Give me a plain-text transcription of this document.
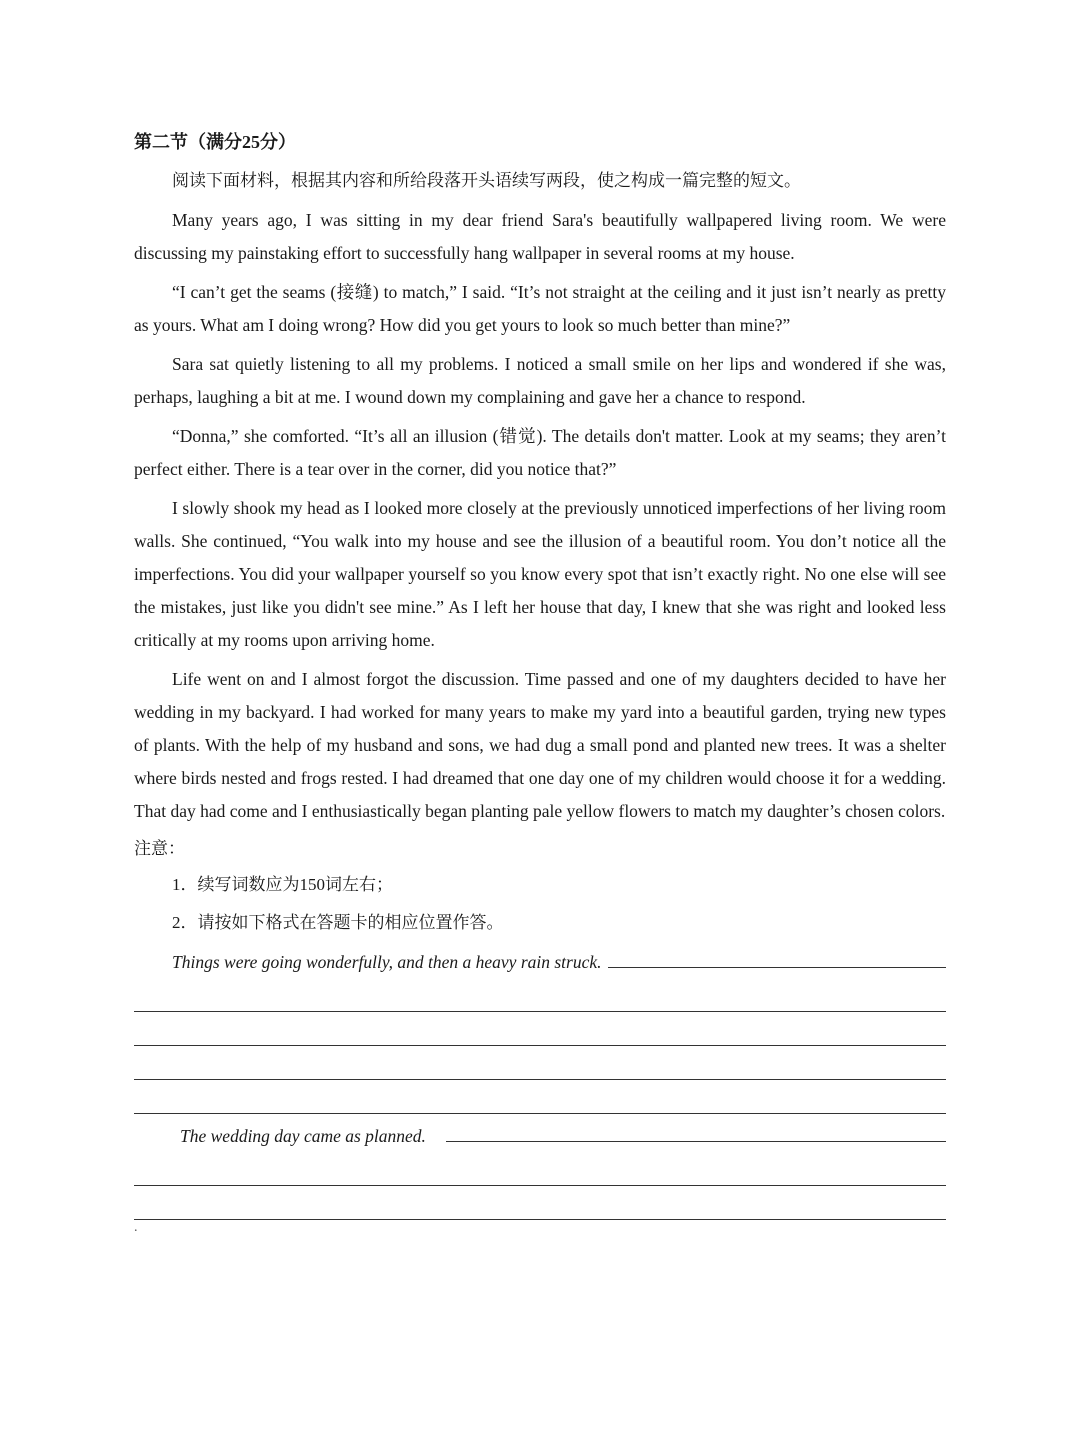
第二节（满分25分）
阅读下面材料，根据其内容和所给段落开头语续写两段，使之构成一篇完整的短文。

Many years ago, I was sitting in my dear friend Sara's beautifully wallpapered living room. We were discussing my painstaking effort to successfully hang wallpaper in several rooms at my house.

“I can’t get the seams (接缝) to match,” I said. “It’s not straight at the ceiling and it just isn’t nearly as pretty as yours. What am I doing wrong? How did you get yours to look so much better than mine?”

Sara sat quietly listening to all my problems. I noticed a small smile on her lips and wondered if she was, perhaps, laughing a bit at me. I wound down my complaining and gave her a chance to respond.

“Donna,” she comforted. “It’s all an illusion (错觉). The details don't matter. Look at my seams; they aren’t perfect either. There is a tear over in the corner, did you notice that?”

I slowly shook my head as I looked more closely at the previously unnoticed imperfections of her living room walls. She continued, “You walk into my house and see the illusion of a beautiful room. You don’t notice all the imperfections. You did your wallpaper yourself so you know every spot that isn’t exactly right. No one else will see the mistakes, just like you didn't see mine.” As I left her house that day, I knew that she was right and looked less critically at my rooms upon arriving home.

Life went on and I almost forgot the discussion. Time passed and one of my daughters decided to have her wedding in my backyard. I had worked for many years to make my yard into a beautiful garden, trying new types of plants. With the help of my husband and sons, we had dug a small pond and planted new trees. It was a shelter where birds nested and frogs rested. I had dreamed that one day one of my children would choose it for a wedding. That day had come and I enthusiastically began planting pale yellow flowers to match my daughter’s chosen colors.

注意：
1．续写词数应为150词左右；
2．请按如下格式在答题卡的相应位置作答。
Things were going wonderfully, and then a heavy rain struck.
The wedding day came as planned.
.
